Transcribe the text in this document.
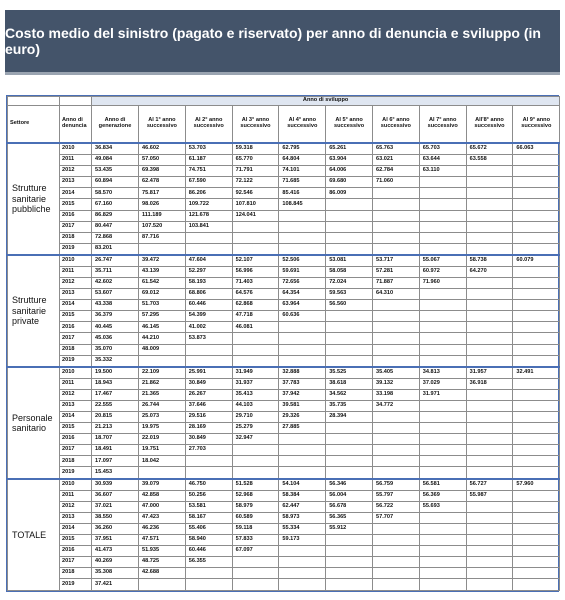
Costo medio del sinistro (pagato e riservato) per anno di denuncia e sviluppo (in euro)
		Anno di sviluppo									
Settore	Anno di denuncia	Anno di generazione	Al 1° anno successivo	Al 2° anno successivo	Al 3° anno successivo	Al 4° anno successivo	Al 5° anno successivo	Al 6° anno successivo	Al 7° anno successivo	All'8° anno successivo	Al 9° anno successivo
Strutture sanitarie pubbliche	2010	36.834	46.602	53.703	59.318	62.795	65.261	65.763	65.703	65.672	66.063
	2011	49.084	57.050	61.187	65.770	64.804	63.904	63.021	63.644	63.558	
	2012	53.435	69.398	74.751	71.791	74.101	64.006	62.784	63.110		
	2013	60.894	62.478	67.590	72.122	71.685	69.680	71.060			
	2014	58.570	75.817	86.206	92.546	85.416	86.009				
	2015	67.160	98.026	109.722	107.810	108.845					
	2016	86.829	111.189	121.678	124.041						
	2017	80.447	107.520	103.841							
	2018	72.868	87.716								
	2019	83.201									
Strutture sanitarie private	2010	26.747	39.472	47.604	52.107	52.506	53.081	53.717	55.067	58.738	60.079
	2011	35.711	43.139	52.297	56.996	59.691	58.058	57.281	60.972	64.270	
	2012	42.602	61.542	58.193	71.403	72.656	72.024	71.887	71.960		
	2013	53.607	69.012	68.806	64.576	64.354	59.563	64.310			
	2014	43.338	51.703	60.446	62.868	63.964	56.560				
	2015	36.379	57.295	54.399	47.718	60.636					
	2016	40.445	46.145	41.002	46.081						
	2017	45.036	44.210	53.873							
	2018	35.070	48.009								
	2019	35.332									
Personale sanitario	2010	19.500	22.109	25.991	31.949	32.888	35.525	35.405	34.813	31.957	32.491
	2011	18.943	21.862	30.849	31.937	37.783	38.618	39.132	37.029	36.918	
	2012	17.467	21.365	26.267	35.413	37.942	34.562	33.198	31.971		
	2013	22.555	26.744	37.646	44.103	39.581	35.735	34.772			
	2014	20.815	25.073	29.516	29.710	29.326	28.394				
	2015	21.213	19.975	28.169	25.279	27.885					
	2016	18.707	22.019	30.849	32.947						
	2017	18.491	19.751	27.703							
	2018	17.097	18.042								
	2019	15.453									
TOTALE	2010	30.939	39.079	46.750	51.528	54.104	56.346	56.759	56.581	56.727	57.960
	2011	36.607	42.858	50.256	52.968	58.384	56.004	55.797	56.369	55.987	
	2012	37.021	47.000	53.581	58.979	62.447	56.678	56.722	55.693		
	2013	38.550	47.423	58.167	60.589	58.973	56.365	57.707			
	2014	36.260	46.236	55.406	59.118	55.334	55.912				
	2015	37.951	47.571	58.940	57.833	59.173					
	2016	41.473	51.935	60.446	67.097						
	2017	40.269	48.725	56.355							
	2018	35.308	42.688								
	2019	37.421									
